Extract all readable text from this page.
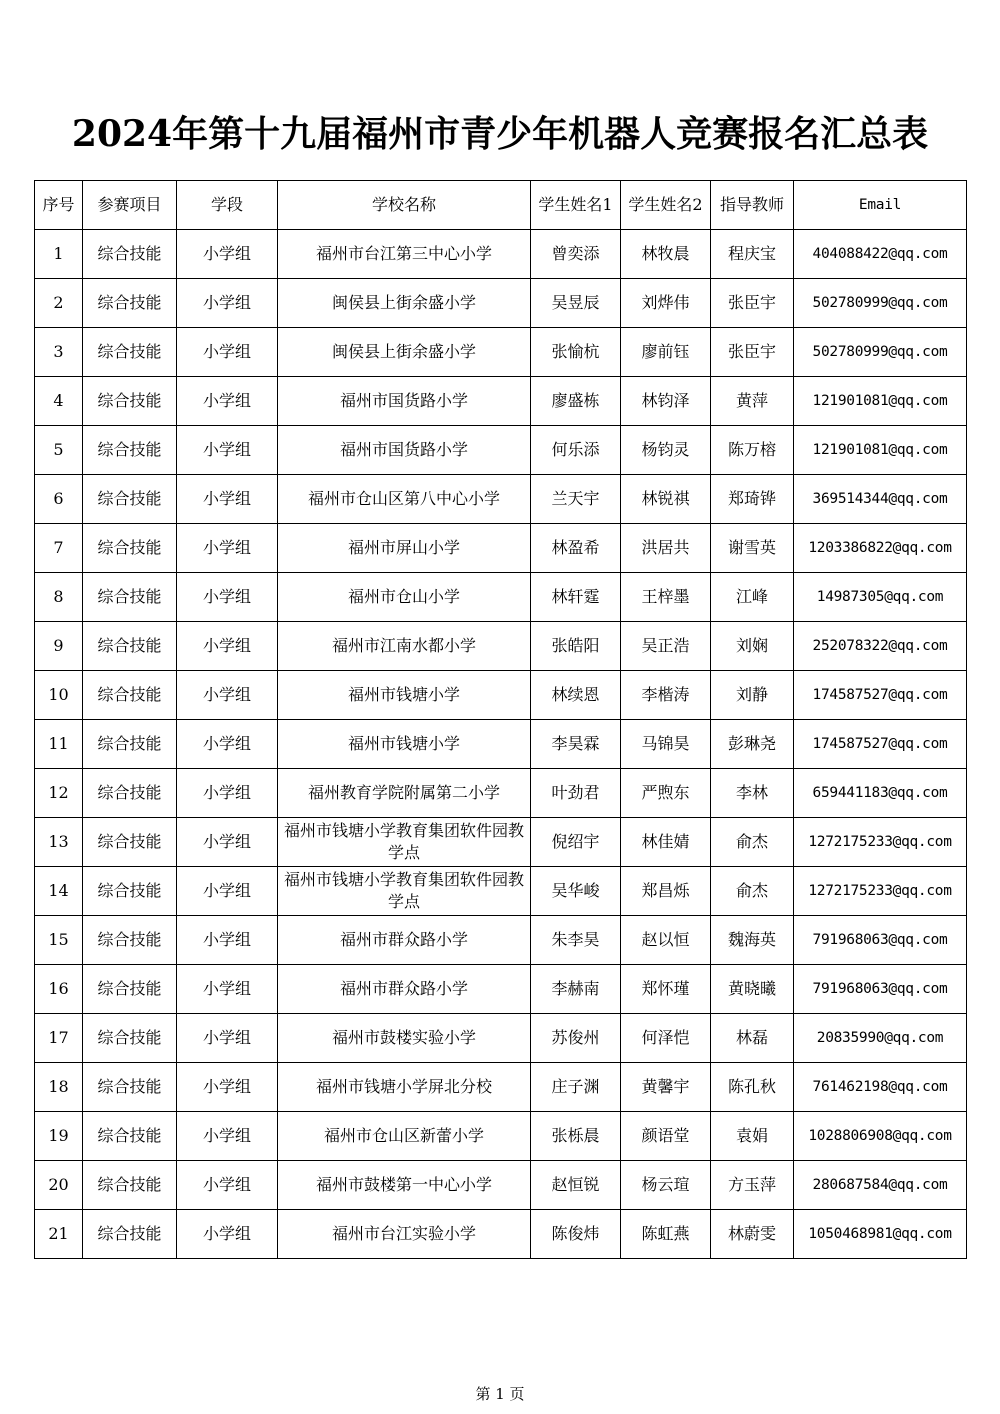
2024年第十九届福州市青少年机器人竞赛报名汇总表
序号	参赛项目	学段	学校名称	学生姓名1	学生姓名2	指导教师	Email
1	综合技能	小学组	福州市台江第三中心小学	曾奕添	林牧晨	程庆宝	404088422@qq.com
2	综合技能	小学组	闽侯县上街余盛小学	吴昱辰	刘烨伟	张臣宇	502780999@qq.com
3	综合技能	小学组	闽侯县上街余盛小学	张愉杭	廖前钰	张臣宇	502780999@qq.com
4	综合技能	小学组	福州市国货路小学	廖盛栋	林钧泽	黄萍	121901081@qq.com
5	综合技能	小学组	福州市国货路小学	何乐添	杨钧灵	陈万榕	121901081@qq.com
6	综合技能	小学组	福州市仓山区第八中心小学	兰天宇	林锐祺	郑琦铧	369514344@qq.com
7	综合技能	小学组	福州市屏山小学	林盈希	洪居共	谢雪英	1203386822@qq.com
8	综合技能	小学组	福州市仓山小学	林轩霆	王梓墨	江峰	14987305@qq.com
9	综合技能	小学组	福州市江南水都小学	张皓阳	吴正浩	刘娴	252078322@qq.com
10	综合技能	小学组	福州市钱塘小学	林续恩	李楷涛	刘静	174587527@qq.com
11	综合技能	小学组	福州市钱塘小学	李昊霖	马锦昊	彭琳尧	174587527@qq.com
12	综合技能	小学组	福州教育学院附属第二小学	叶劲君	严煦东	李林	659441183@qq.com
13	综合技能	小学组	福州市钱塘小学教育集团软件园教学点	倪绍宇	林佳婧	俞杰	1272175233@qq.com
14	综合技能	小学组	福州市钱塘小学教育集团软件园教学点	吴华峻	郑昌烁	俞杰	1272175233@qq.com
15	综合技能	小学组	福州市群众路小学	朱李昊	赵以恒	魏海英	791968063@qq.com
16	综合技能	小学组	福州市群众路小学	李赫南	郑怀瑾	黄晓曦	791968063@qq.com
17	综合技能	小学组	福州市鼓楼实验小学	苏俊州	何泽恺	林磊	20835990@qq.com
18	综合技能	小学组	福州市钱塘小学屏北分校	庄子渊	黄馨宇	陈孔秋	761462198@qq.com
19	综合技能	小学组	福州市仓山区新蕾小学	张栎晨	颜语堂	袁娟	1028806908@qq.com
20	综合技能	小学组	福州市鼓楼第一中心小学	赵恒锐	杨云瑄	方玉萍	280687584@qq.com
21	综合技能	小学组	福州市台江实验小学	陈俊炜	陈虹燕	林蔚雯	1050468981@qq.com
第 1 页
